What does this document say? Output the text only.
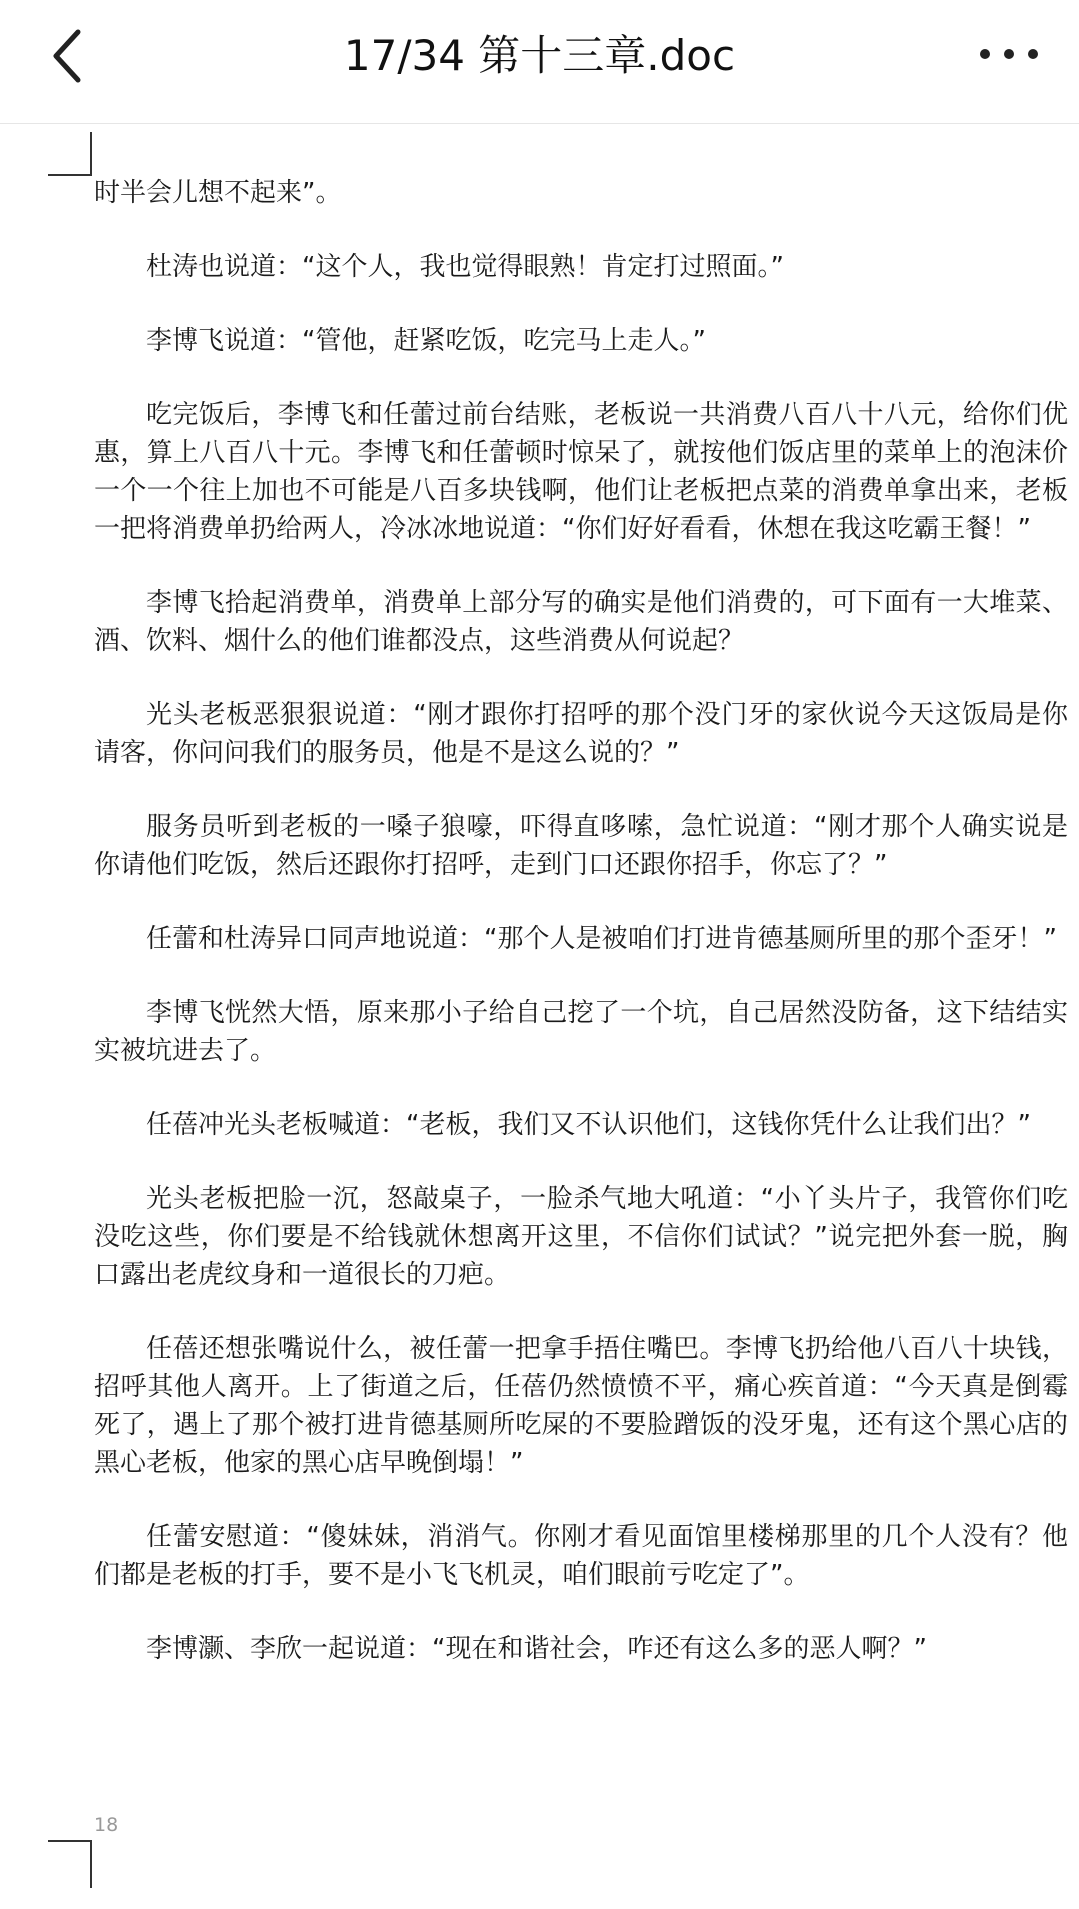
17/34 第十三章.doc

时半会儿想不起来”。

杜涛也说道：“这个人，我也觉得眼熟！肯定打过照面。”

李博飞说道：“管他，赶紧吃饭，吃完马上走人。”

吃完饭后，李博飞和任蕾过前台结账，老板说一共消费八百八十八元，给你们优惠，算上八百八十元。李博飞和任蕾顿时惊呆了，就按他们饭店里的菜单上的泡沫价一个一个往上加也不可能是八百多块钱啊，他们让老板把点菜的消费单拿出来，老板一把将消费单扔给两人，冷冰冰地说道：“你们好好看看，休想在我这吃霸王餐！”

李博飞拾起消费单，消费单上部分写的确实是他们消费的，可下面有一大堆菜、酒、饮料、烟什么的他们谁都没点，这些消费从何说起？

光头老板恶狠狠说道：“刚才跟你打招呼的那个没门牙的家伙说今天这饭局是你请客，你问问我们的服务员，他是不是这么说的？”

服务员听到老板的一嗓子狼嚎，吓得直哆嗦，急忙说道：“刚才那个人确实说是你请他们吃饭，然后还跟你打招呼，走到门口还跟你招手，你忘了？”

任蕾和杜涛异口同声地说道：“那个人是被咱们打进肯德基厕所里的那个歪牙！”

李博飞恍然大悟，原来那小子给自己挖了一个坑，自己居然没防备，这下结结实实被坑进去了。

任蓓冲光头老板喊道：“老板，我们又不认识他们，这钱你凭什么让我们出？”

光头老板把脸一沉，怒敲桌子，一脸杀气地大吼道：“小丫头片子，我管你们吃没吃这些，你们要是不给钱就休想离开这里，不信你们试试？”说完把外套一脱，胸口露出老虎纹身和一道很长的刀疤。

任蓓还想张嘴说什么，被任蕾一把拿手捂住嘴巴。李博飞扔给他八百八十块钱，招呼其他人离开。上了街道之后，任蓓仍然愤愤不平，痛心疾首道：“今天真是倒霉死了，遇上了那个被打进肯德基厕所吃屎的不要脸蹭饭的没牙鬼，还有这个黑心店的黑心老板，他家的黑心店早晚倒塌！”

任蕾安慰道：“傻妹妹，消消气。你刚才看见面馆里楼梯那里的几个人没有？他们都是老板的打手，要不是小飞飞机灵，咱们眼前亏吃定了”。

李博灏、李欣一起说道：“现在和谐社会，咋还有这么多的恶人啊？”

18
